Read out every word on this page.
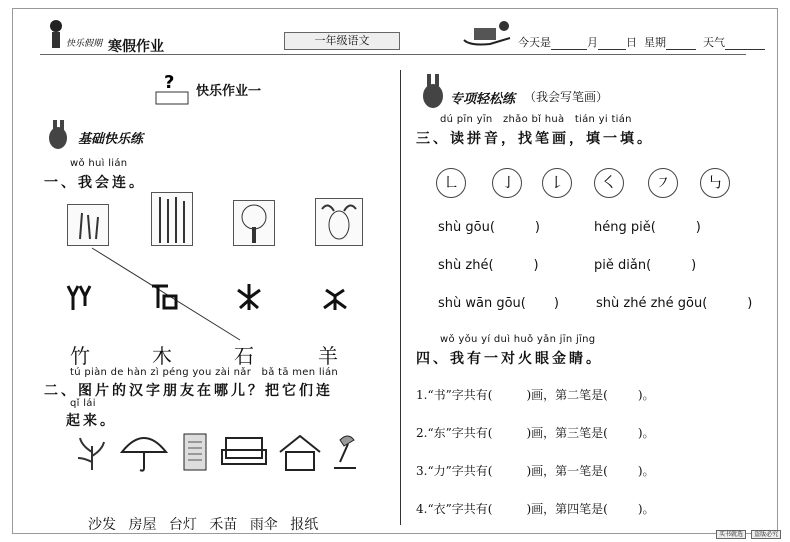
快乐假期 寒假作业	一年级语文	今天是	月	日 星期	天气
? 快乐作业一
基础快乐练
wǒ huì lián
一、我会连。
竹	木	石	羊
tú piàn de hàn zì péng you zài nǎr bǎ tā men lián
二、图片的汉字朋友在哪儿？把它们连
qǐ lái
起来。
沙发 房屋 台灯 禾苗 雨伞 报纸
专项轻松练 （我会写笔画）
dú pīn yīn   zhǎo bǐ huà   tián yi tián
三、读拼音，找笔画，填一填。
㇗	㇚	㇙	㇛	㇇	㇉
shù gōu(	)	héng piě(	)
shù zhé(	)	piě diǎn(	)
shù wān gōu( )	shù zhé zhé gōu(	)
wǒ yǒu yí duì huǒ yǎn jīn jīng
四、我有一对火眼金睛。
1.“书”字共有(	)画，第二笔是(	)。
2.“东”字共有(	)画，第三笔是(	)。
3.“力”字共有(	)画，第一笔是(	)。
4.“衣”字共有(	)画，第四笔是(	)。
买书就选 盗版必究
